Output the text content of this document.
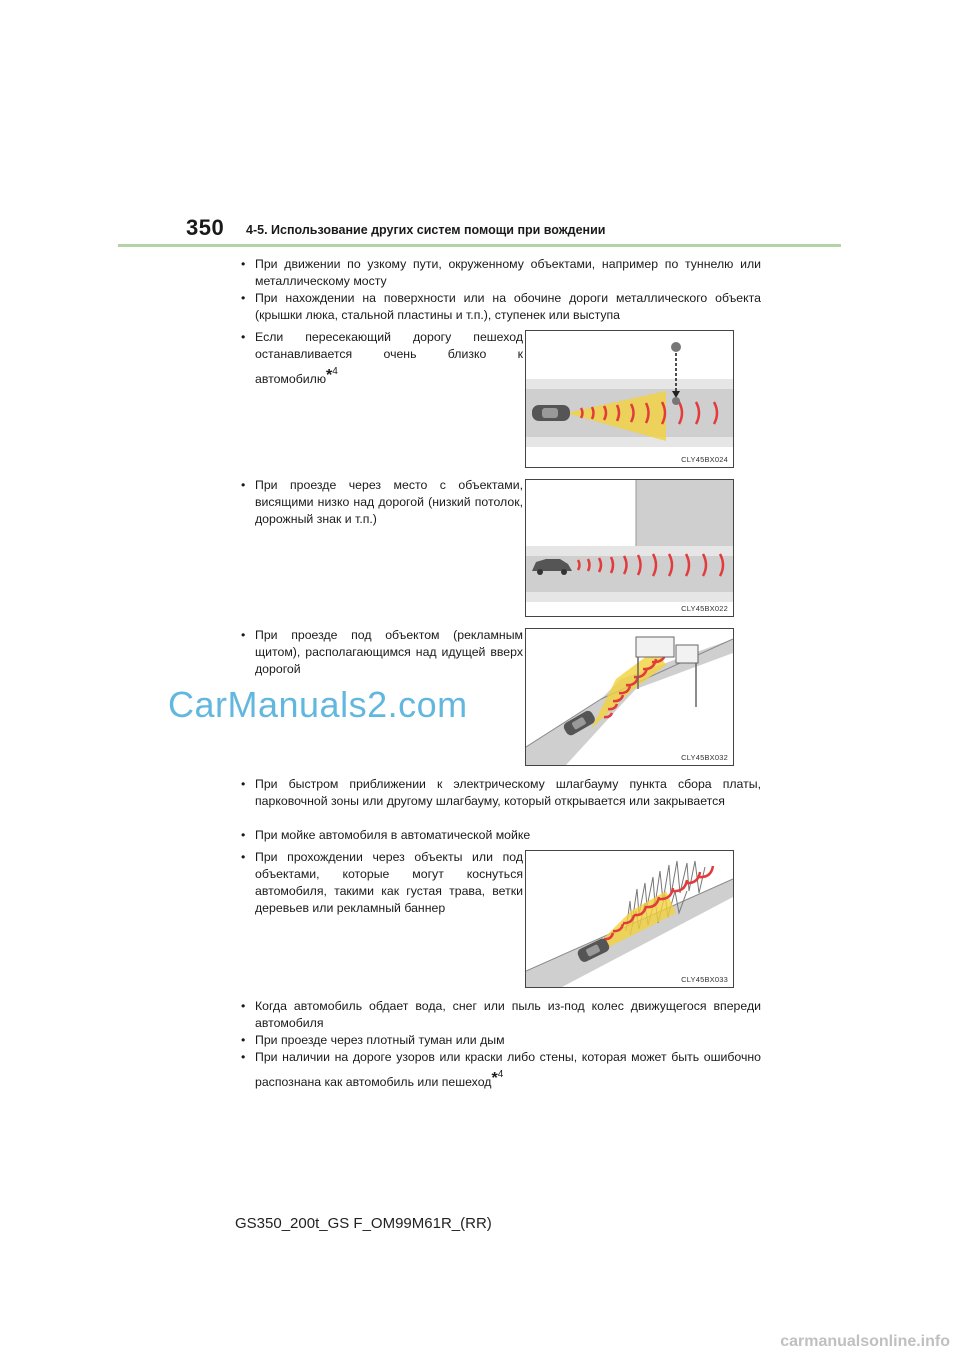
350 4-5. Использование других систем помощи при вождении
• При движении по узкому пути, окруженному объектами, например по туннелю или металлическому мосту
• При нахождении на поверхности или на обочине дороги металлического объекта (крышки люка, стальной пластины и т.п.), ступенек или выступа
• Если пересекающий дорогу пешеход останавливается очень близко к автомобилю*$^4$
CLY45BX024
• При проезде через место с объектами, висящими низко над дорогой (низкий потолок, дорожный знак и т.п.)
CLY45BX022
• При проезде под объектом (рекламным щитом), располагающимся над идущей вверх дорогой
CLY45BX032
CarManuals2.com
• При быстром приближении к электрическому шлагбауму пункта сбора платы, парковочной зоны или другому шлагбауму, который открывается или закрывается
• При мойке автомобиля в автоматической мойке
• При прохождении через объекты или под объектами, которые могут коснуться автомобиля, такими как густая трава, ветки деревьев или рекламный баннер
CLY45BX033
• Когда автомобиль обдает вода, снег или пыль из-под колес движущегося впереди автомобиля
• При проезде через плотный туман или дым
• При наличии на дороге узоров или краски либо стены, которая может быть ошибочно распознана как автомобиль или пешеход*$^4$
GS350_200t_GS F_OM99M61R_(RR)
carmanualsonline.info
